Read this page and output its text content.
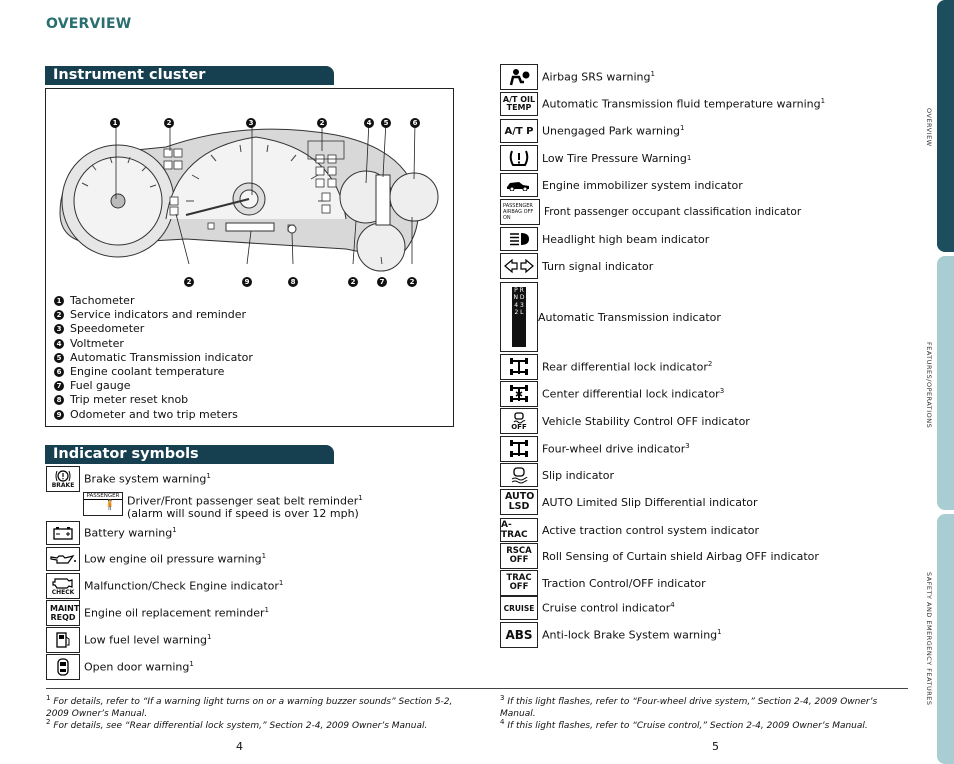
OVERVIEW
Instrument cluster
1	2	3	2	4	5	6
2	9	8	2	7	2
1 Tachometer
2 Service indicators and reminder
3 Speedometer
4 Voltmeter
5 Automatic Transmission indicator
6 Engine coolant temperature
7 Fuel gauge
8 Trip meter reset knob
9 Odometer and two trip meters
Indicator symbols
BRAKE Brake system warning$^1$
PASSENGER
🧍 Driver/Front passenger seat belt reminder$^1$
(alarm will sound if speed is over 12 mph)
Battery warning$^1$
Low engine oil pressure warning$^1$
CHECK Malfunction/Check Engine indicator$^1$
MAINT REQD Engine oil replacement reminder$^1$
Low fuel level warning$^1$
Open door warning$^1$
Airbag SRS warning$^1$
A/T OIL TEMP Automatic Transmission fluid temperature warning$^1$
A/T P Unengaged Park warning$^1$
Low Tire Pressure Warning 1
Engine immobilizer system indicator
PASSENGER AIRBAG OFF ON	Front passenger occupant classification indicator
Headlight high beam indicator
Turn signal indicator
P R N D 4 3 2 L Automatic Transmission indicator
Rear differential lock indicator$^2$
Center differential lock indicator$^3$
OFF Vehicle Stability Control OFF indicator
Four-wheel drive indicator$^3$
Slip indicator
AUTO LSD	AUTO Limited Slip Differential indicator
A-TRAC	Active traction control system indicator
RSCA OFF	Roll Sensing of Curtain shield Airbag OFF indicator
TRAC OFF	Traction Control/OFF indicator
CRUISE Cruise control indicator$^4$
ABS Anti-lock Brake System warning$^1$
$^1$ For details, refer to “If a warning light turns on or a warning buzzer sounds” Section 5-2, 2009 Owner’s Manual.
$^2$ For details, see “Rear differential lock system,” Section 2-4, 2009 Owner’s Manual.
$^3$ If this light flashes, refer to “Four-wheel drive system,” Section 2-4, 2009 Owner’s Manual.
$^4$ If this light flashes, refer to “Cruise control,” Section 2-4, 2009 Owner’s Manual.
4	5
OVERVIEW
FEATURES/OPERATIONS
SAFETY AND EMERGENCY FEATURES
